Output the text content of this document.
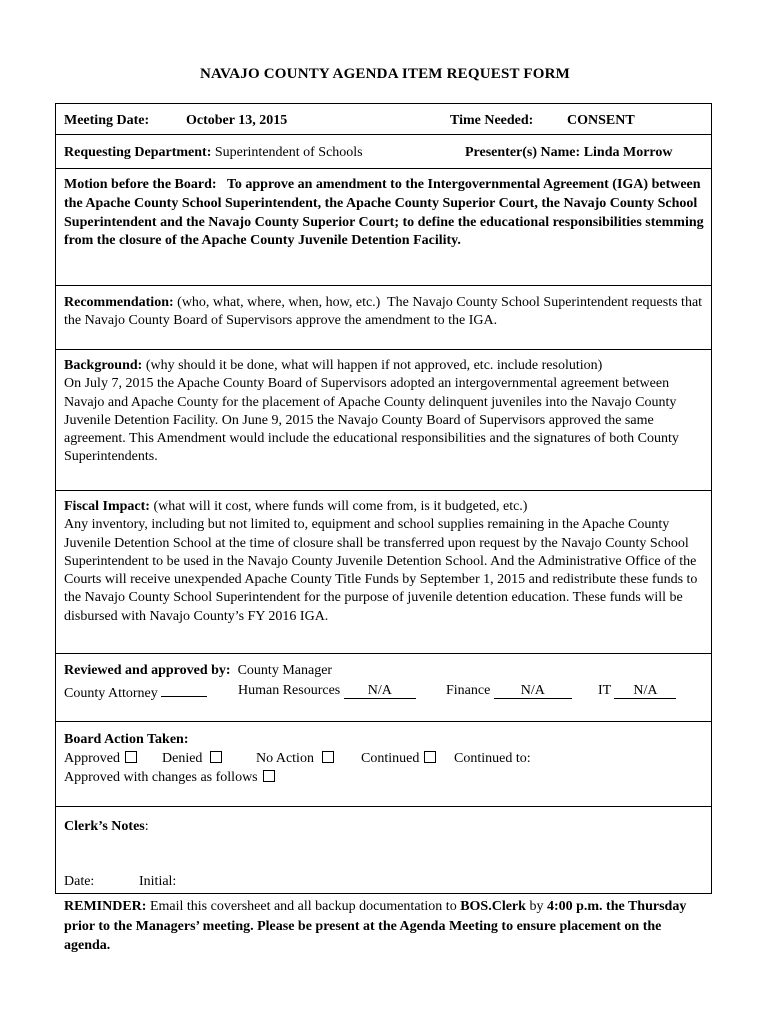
NAVAJO COUNTY AGENDA ITEM REQUEST FORM
Meeting Date:	October 13, 2015	Time Needed: CONSENT
Requesting Department: Superintendent of Schools	Presenter(s) Name: Linda Morrow
Motion before the Board: To approve an amendment to the Intergovernmental Agreement (IGA) between the Apache County School Superintendent, the Apache County Superior Court, the Navajo County School Superintendent and the Navajo County Superior Court; to define the educational responsibilities stemming from the closure of the Apache County Juvenile Detention Facility.
Recommendation: (who, what, where, when, how, etc.) The Navajo County School Superintendent requests that the Navajo County Board of Supervisors approve the amendment to the IGA.

Background: (why should it be done, what will happen if not approved, etc. include resolution)

On July 7, 2015 the Apache County Board of Supervisors adopted an intergovernmental agreement between Navajo and Apache County for the placement of Apache County delinquent juveniles into the Navajo County Juvenile Detention Facility. On June 9, 2015 the Navajo County Board of Supervisors approved the same agreement. This Amendment would include the educational responsibilities and the signatures of both County Superintendents.

Fiscal Impact: (what will it cost, where funds will come from, is it budgeted, etc.)

Any inventory, including but not limited to, equipment and school supplies remaining in the Apache County Juvenile Detention School at the time of closure shall be transferred upon request by the Navajo County School Superintendent to be used in the Navajo County Juvenile Detention School. And the Administrative Office of the Courts will receive unexpended Apache County Title Funds by September 1, 2015 and redistribute these funds to the Navajo County School Superintendent for the purpose of juvenile detention education. These funds will be disbursed with Navajo County’s FY 2016 IGA.

Reviewed and approved by: County Manager
County Attorney	Human Resources N/A	Finance N/A	IT N/A
Board Action Taken:
Approved	Denied	No Action	Continued	Continued to:
Approved with changes as follows
Clerk’s Notes:
Date:	Initial:
REMINDER: Email this coversheet and all backup documentation to BOS.Clerk by 4:00 p.m. the Thursday prior to the Managers’ meeting. Please be present at the Agenda Meeting to ensure placement on the agenda.
